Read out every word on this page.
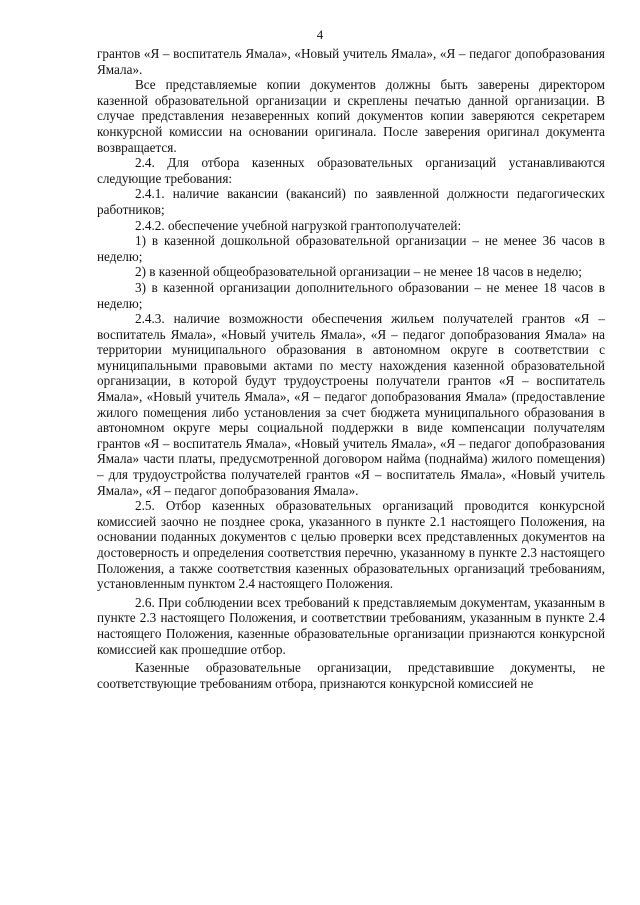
4

грантов «Я – воспитатель Ямала», «Новый учитель Ямала», «Я – педагог допобразования Ямала».

Все представляемые копии документов должны быть заверены директором казенной образовательной организации и скреплены печатью данной организации. В случае представления незаверенных копий документов копии заверяются секретарем конкурсной комиссии на основании оригинала. После заверения оригинал документа возвращается.

2.4. Для отбора казенных образовательных организаций устанавливаются следующие требования:

2.4.1. наличие вакансии (вакансий) по заявленной должности педагогических работников;

2.4.2. обеспечение учебной нагрузкой грантополучателей:

1) в казенной дошкольной образовательной организации – не менее 36 часов в неделю;

2) в казенной общеобразовательной организации – не менее 18 часов в неделю;

3) в казенной организации дополнительного образовании – не менее 18 часов в неделю;

2.4.3. наличие возможности обеспечения жильем получателей грантов «Я – воспитатель Ямала», «Новый учитель Ямала», «Я – педагог допобразования Ямала» на территории муниципального образования в автономном округе в соответствии с муниципальными правовыми актами по месту нахождения казенной образовательной организации, в которой будут трудоустроены получатели грантов «Я – воспитатель Ямала», «Новый учитель Ямала», «Я – педагог допобразования Ямала» (предоставление жилого помещения либо установления за счет бюджета муниципального образования в автономном округе меры социальной поддержки в виде компенсации получателям грантов «Я – воспитатель Ямала», «Новый учитель Ямала», «Я – педагог допобразования Ямала» части платы, предусмотренной договором найма (поднайма) жилого помещения) – для трудоустройства получателей грантов «Я – воспитатель Ямала», «Новый учитель Ямала», «Я – педагог допобразования Ямала».

2.5. Отбор казенных образовательных организаций проводится конкурсной комиссией заочно не позднее срока, указанного в пункте 2.1 настоящего Положения, на основании поданных документов с целью проверки всех представленных документов на достоверность и определения соответствия перечню, указанному в пункте 2.3 настоящего Положения, а также соответствия казенных образовательных организаций требованиям, установленным пунктом 2.4 настоящего Положения.

2.6. При соблюдении всех требований к представляемым документам, указанным в пункте 2.3 настоящего Положения, и соответствии требованиям, указанным в пункте 2.4 настоящего Положения, казенные образовательные организации признаются конкурсной комиссией как прошедшие отбор.

Казенные образовательные организации, представившие документы, не соответствующие требованиям отбора, признаются конкурсной комиссией не
